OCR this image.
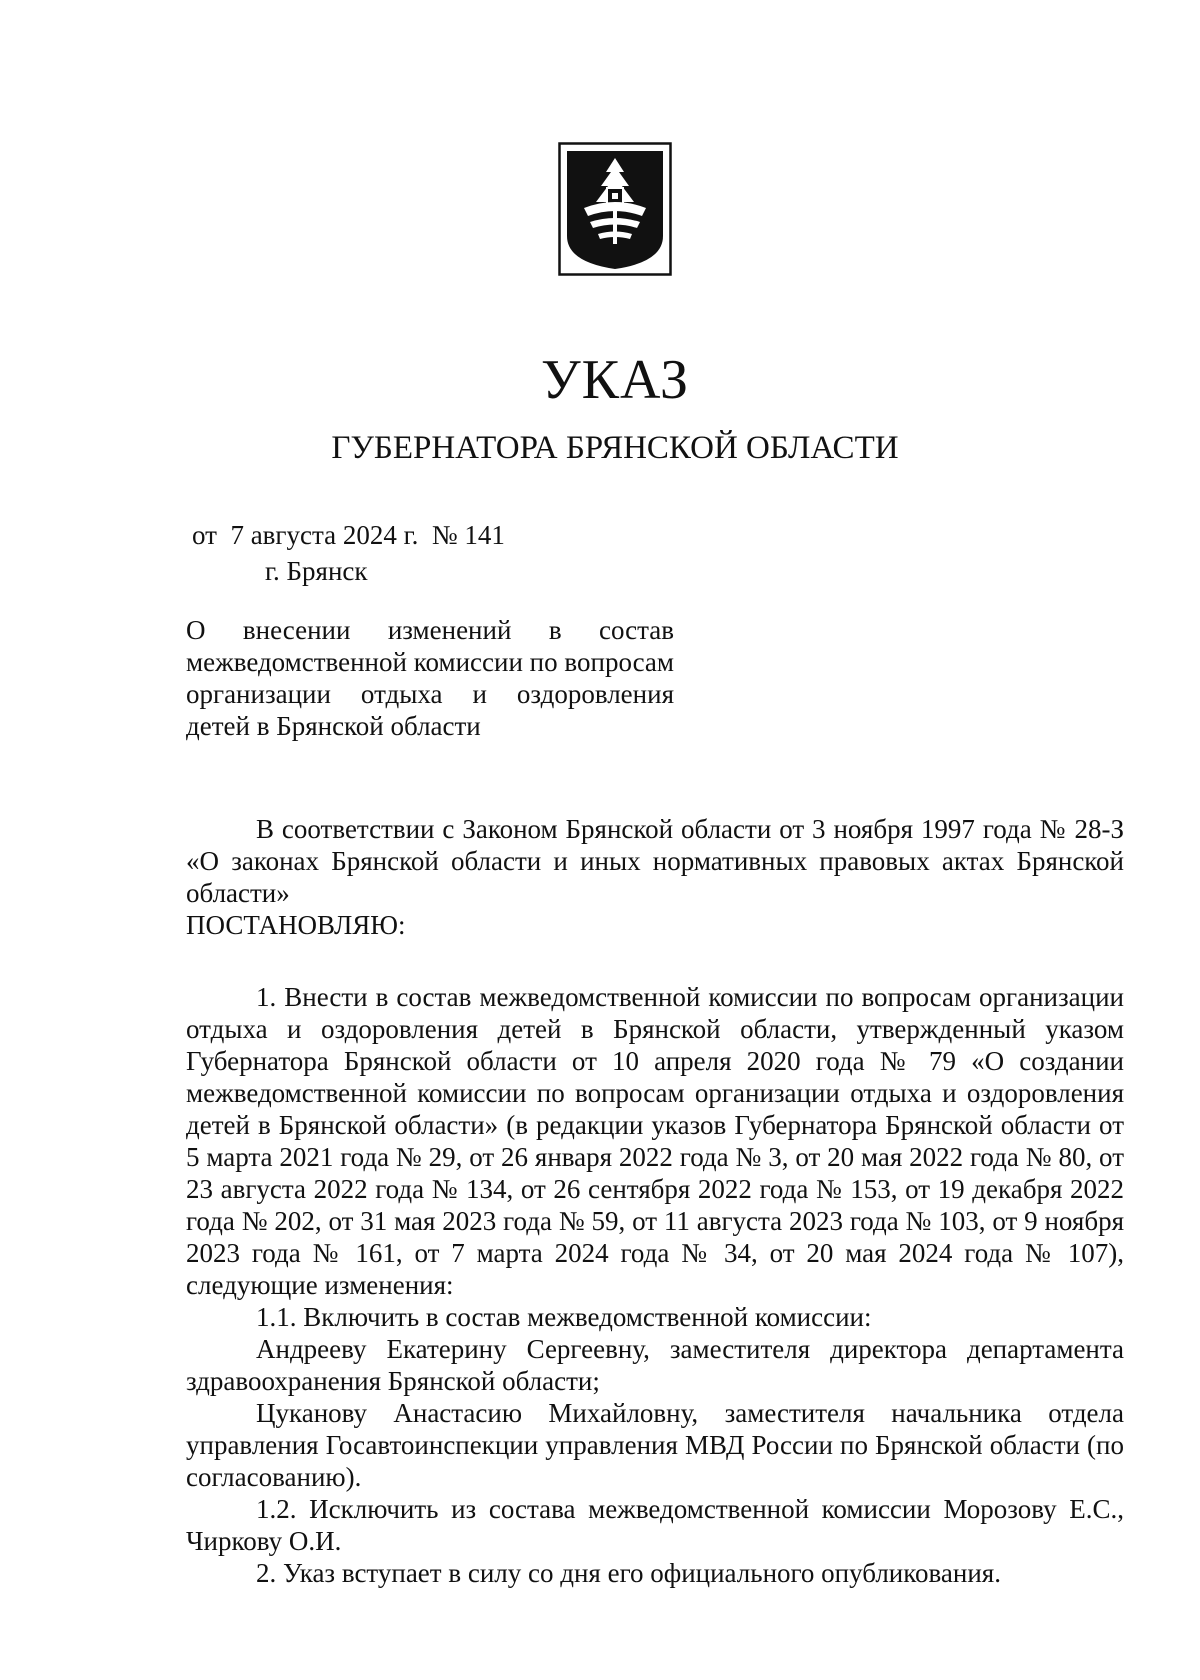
УКАЗ
ГУБЕРНАТОРА БРЯНСКОЙ ОБЛАСТИ
от  7 августа 2024 г.  № 141
г. Брянск
О внесении изменений в состав межведомственной комиссии по вопросам организации отдыха и оздоровления детей в Брянской области

В соответствии с Законом Брянской области от 3 ноября 1997 года № 28-З «О законах Брянской области и иных нормативных правовых актах Брянской области»

ПОСТАНОВЛЯЮ:

1. Внести в состав межведомственной комиссии по вопросам организации отдыха и оздоровления детей в Брянской области, утвержденный указом Губернатора Брянской области от 10 апреля 2020 года № 79 «О создании межведомственной комиссии по вопросам организации отдыха и оздоровления детей в Брянской области» (в редакции указов Губернатора Брянской области от 5 марта 2021 года № 29, от 26 января 2022 года № 3, от 20 мая 2022 года № 80, от 23 августа 2022 года № 134, от 26 сентября 2022 года № 153, от 19 декабря 2022 года № 202, от 31 мая 2023 года № 59, от 11 августа 2023 года № 103, от 9 ноября 2023 года № 161, от 7 марта 2024 года № 34, от 20 мая 2024 года № 107), следующие изменения:

1.1. Включить в состав межведомственной комиссии:

Андрееву Екатерину Сергеевну, заместителя директора департамента здравоохранения Брянской области;

Цуканову Анастасию Михайловну, заместителя начальника отдела управления Госавтоинспекции управления МВД России по Брянской области (по согласованию).

1.2. Исключить из состава межведомственной комиссии Морозову Е.С., Чиркову О.И.

2. Указ вступает в силу со дня его официального опубликования.
